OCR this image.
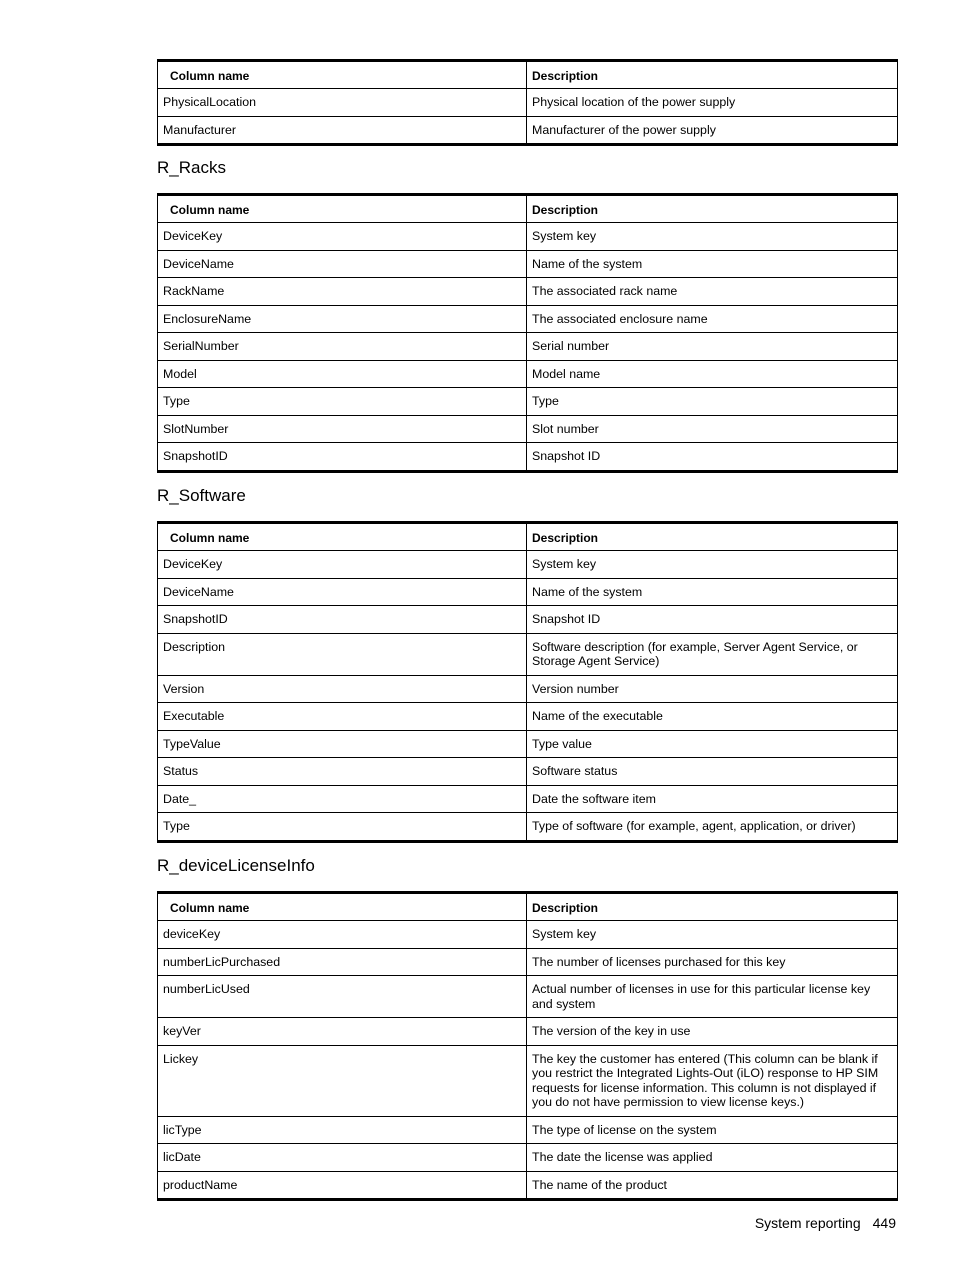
Column name	Description
PhysicalLocation	Physical location of the power supply
Manufacturer	Manufacturer of the power supply
R_Racks
Column name	Description
DeviceKey	System key
DeviceName	Name of the system
RackName	The associated rack name
EnclosureName	The associated enclosure name
SerialNumber	Serial number
Model	Model name
Type	Type
SlotNumber	Slot number
SnapshotID	Snapshot ID
R_Software
Column name	Description
DeviceKey	System key
DeviceName	Name of the system
SnapshotID	Snapshot ID
Description	Software description (for example, Server Agent Service, or Storage Agent Service)
Version	Version number
Executable	Name of the executable
TypeValue	Type value
Status	Software status
Date_	Date the software item
Type	Type of software (for example, agent, application, or driver)
R_deviceLicenseInfo
Column name	Description
deviceKey	System key
numberLicPurchased	The number of licenses purchased for this key
numberLicUsed	Actual number of licenses in use for this particular license key and system
keyVer	The version of the key in use
Lickey	The key the customer has entered (This column can be blank if you restrict the Integrated Lights-Out (iLO) response to HP SIM requests for license information. This column is not displayed if you do not have permission to view license keys.)
licType	The type of license on the system
licDate	The date the license was applied
productName	The name of the product
System reporting 449
